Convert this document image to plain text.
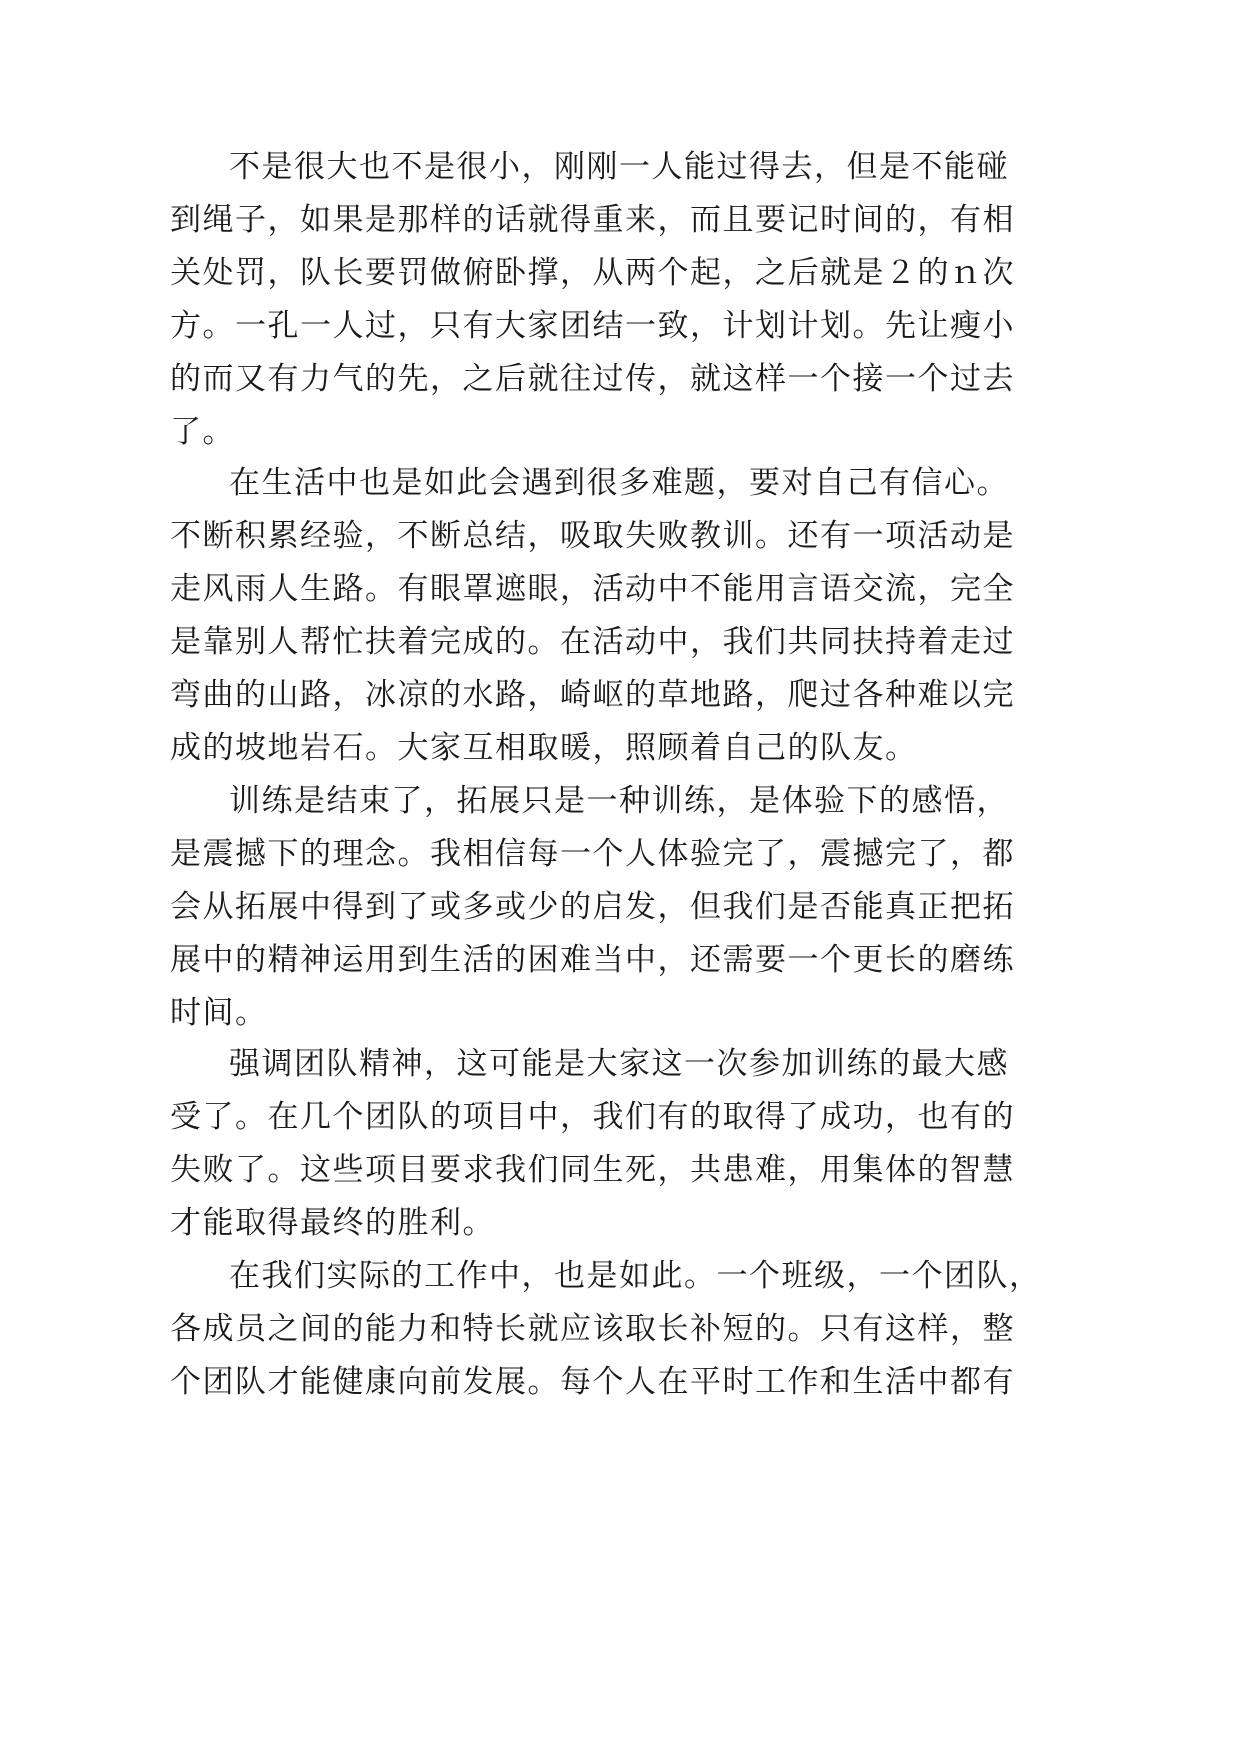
不是很大也不是很小，刚刚一人能过得去，但是不能碰
到绳子，如果是那样的话就得重来，而且要记时间的，有相
关处罚，队长要罚做俯卧撑，从两个起，之后就是２的ｎ次
方。一孔一人过，只有大家团结一致，计划计划。先让瘦小
的而又有力气的先，之后就往过传，就这样一个接一个过去
了。
在生活中也是如此会遇到很多难题，要对自己有信心。
不断积累经验，不断总结，吸取失败教训。还有一项活动是
走风雨人生路。有眼罩遮眼，活动中不能用言语交流，完全
是靠别人帮忙扶着完成的。在活动中，我们共同扶持着走过
弯曲的山路，冰凉的水路，崎岖的草地路，爬过各种难以完
成的坡地岩石。大家互相取暖，照顾着自己的队友。
训练是结束了，拓展只是一种训练，是体验下的感悟，
是震撼下的理念。我相信每一个人体验完了，震撼完了，都
会从拓展中得到了或多或少的启发，但我们是否能真正把拓
展中的精神运用到生活的困难当中，还需要一个更长的磨练
时间。
强调团队精神，这可能是大家这一次参加训练的最大感
受了。在几个团队的项目中，我们有的取得了成功，也有的
失败了。这些项目要求我们同生死，共患难，用集体的智慧
才能取得最终的胜利。
在我们实际的工作中，也是如此。一个班级，一个团队，
各成员之间的能力和特长就应该取长补短的。只有这样，整
个团队才能健康向前发展。每个人在平时工作和生活中都有
